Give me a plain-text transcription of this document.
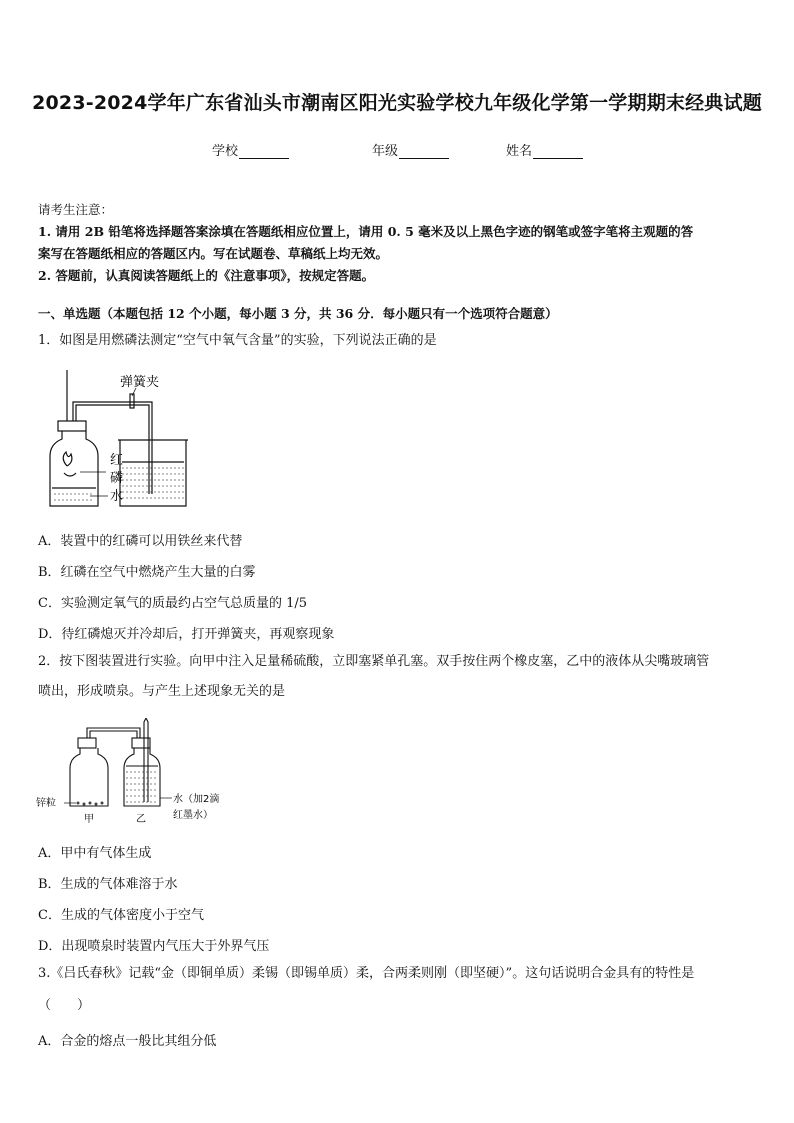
2023-2024学年广东省汕头市潮南区阳光实验学校九年级化学第一学期期末经典试题
学校	年级	姓名
请考生注意：
1. 请用 2B 铅笔将选择题答案涂填在答题纸相应位置上，请用 0. 5 毫米及以上黑色字迹的钢笔或签字笔将主观题的答
案写在答题纸相应的答题区内。写在试题卷、草稿纸上均无效。
2. 答题前，认真阅读答题纸上的《注意事项》，按规定答题。
一、单选题（本题包括 12 个小题，每小题 3 分，共 36 分．每小题只有一个选项符合题意）
1．如图是用燃磷法测定“空气中氧气含量”的实验，下列说法正确的是
弹簧夹
红
磷
水
A．装置中的红磷可以用铁丝来代替
B．红磷在空气中燃烧产生大量的白雾
C．实验测定氧气的质最约占空气总质量的 1/5
D．待红磷熄灭并冷却后，打开弹簧夹，再观察现象
2．按下图装置进行实验。向甲中注入足量稀硫酸，立即塞紧单孔塞。双手按住两个橡皮塞，乙中的液体从尖嘴玻璃管
喷出，形成喷泉。与产生上述现象无关的是
锌粒
甲	乙
水（加2滴
红墨水）
A．甲中有气体生成
B．生成的气体难溶于水
C．生成的气体密度小于空气
D．出现喷泉时装置内气压大于外界气压
3.《吕氏春秋》记载“金（即铜单质）柔锡（即锡单质）柔，合两柔则刚（即坚硬）”。这句话说明合金具有的特性是
（　　）
A．合金的熔点一般比其组分低
